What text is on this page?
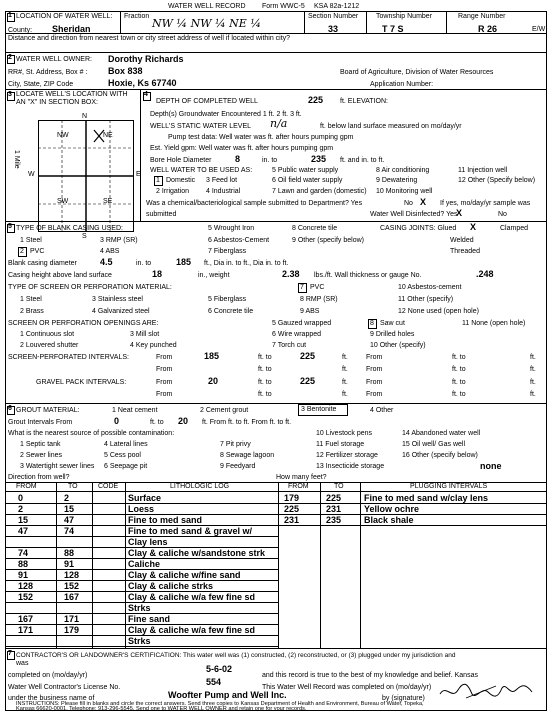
WATER WELL RECORD Form WWC-5 KSA 82a-1212
1 LOCATION OF WATER WELL:
County: Sheridan
Fraction
NW ¼ NW ¼ NE ¼
Section Number
33
Township Number
T 7 S
Range Number
R 26	E/W
Distance and direction from nearest town or city street address of well if located within city?
2 WATER WELL OWNER: Dorothy Richards
RR#, St. Address, Box # : Box 838
City, State, ZIP Code	Hoxie, Ks 67740
Board of Agriculture, Division of Water Resources
Application Number:
3 LOCATE WELL'S LOCATION WITH
AN "X" IN SECTION BOX:
N
S
W	E
1 Mile
NW	NE
SW	SE
4
DEPTH OF COMPLETED WELL	225 ft. ELEVATION:
Depth(s) Groundwater Encountered 1 ft. 2 ft. 3 ft.
WELL'S STATIC WATER LEVEL n/a	ft. below land surface measured on mo/day/yr
Pump test data: Well water was ft. after hours pumping gpm
Est. Yield gpm: Well water was ft. after hours pumping gpm
Bore Hole Diameter	8	in. to	235 ft. and in. to ft.
WELL WATER TO BE USED AS:	5 Public water supply	8 Air conditioning	11 Injection well
1 Domestic 3 Feed lot	6 Oil field water supply	9 Dewatering	12 Other (Specify below)
2 Irrigation 4 Industrial	7 Lawn and garden (domestic) 10 Monitoring well
Was a chemical/bacteriological sample submitted to Department? Yes	No X If yes, mo/day/yr sample was
submitted	Water Well Disinfected? Yes
X	No
5 TYPE OF BLANK CASING USED:	5 Wrought Iron	8 Concrete tile	CASING JOINTS: Glued X	Clamped
1 Steel	3 RMP (SR)	6 Asbestos-Cement	9 Other (specify below)	Welded
2 PVC	4 ABS	7 Fiberglass	Threaded
Blank casing diameter	4.5	in. to	185 ft., Dia in. to ft., Dia in. to ft.
Casing height above land surface	18	in., weight	2.38 lbs./ft. Wall thickness or gauge No.	.248
TYPE OF SCREEN OR PERFORATION MATERIAL:	7 PVC	10 Asbestos-cement
1 Steel	3 Stainless steel	5 Fiberglass	8 RMP (SR)	11 Other (specify)
2 Brass	4 Galvanized steel	6 Concrete tile	9 ABS	12 None used (open hole)
SCREEN OR PERFORATION OPENINGS ARE:	5 Gauzed wrapped	8 Saw cut	11 None (open hole)
1 Continuous slot	3 Mill slot	6 Wire wrapped	9 Drilled holes
2 Louvered shutter	4 Key punched	7 Torch cut	10 Other (specify)
SCREEN-PERFORATED INTERVALS:	From	185	ft. to	225	ft.	From	ft. to	ft.
From	ft. to	ft.	From	ft. to	ft.
GRAVEL PACK INTERVALS:	From	20	ft. to	225	ft.	From	ft. to	ft.
From	ft. to	ft.	From	ft. to	ft.
6 GROUT MATERIAL:	1 Neat cement	2 Cement grout	3 Bentonite	4 Other
Grout Intervals From	0	ft. to 20 ft. From ft. to ft. From ft. to ft.
What is the nearest source of possible contamination:	10 Livestock pens	14 Abandoned water well
1 Septic tank	4 Lateral lines	7 Pit privy	11 Fuel storage	15 Oil well/ Gas well
2 Sewer lines	5 Cess pool	8 Sewage lagoon	12 Fertilizer storage	16 Other (specify below)
3 Watertight sewer lines 6 Seepage pit	9 Feedyard	13 Insecticide storage	none
Direction from well?	How many feet?
FROM	TO	CODE	LITHOLOGIC LOG	FROM	TO	PLUGGING INTERVALS
0	2	Surface
2	15	Loess
15	47	Fine to med sand
47	74	Fine to med sand & gravel w/
Clay lens
74	88	Clay & caliche w/sandstone strk
88	91	Caliche
91	128	Clay & caliche w/fine sand
128	152	Clay & caliche strks
152	167	Clay & caliche w/a few fine sd
Strks
167	171	Fine sand
171	179	Clay & caliche w/a few fine sd
Strks
179	225	Fine to med sand w/clay lens
225	231	Yellow ochre
231	235	Black shale
7 CONTRACTOR'S OR LANDOWNER'S CERTIFICATION: This water well was (1) constructed, (2) reconstructed, or (3) plugged under my jurisdiction and
was
completed on (mo/day/yr)
5-6-02
and this record is true to the best of my knowledge and belief. Kansas
Water Well Contractor's License No.
554
This Water Well Record was completed on (mo/day/yr)
under the business name of	Woofter Pump and Well Inc.	by (signature)
INSTRUCTIONS: Please fill in blanks and circle the correct answers. Send three copies to Kansas Department of Health and Environment, Bureau of Water, Topeka,
Kansas 66620-0001. Telephone: 913-296-5545. Send one to WATER WELL OWNER and retain one for your records.
